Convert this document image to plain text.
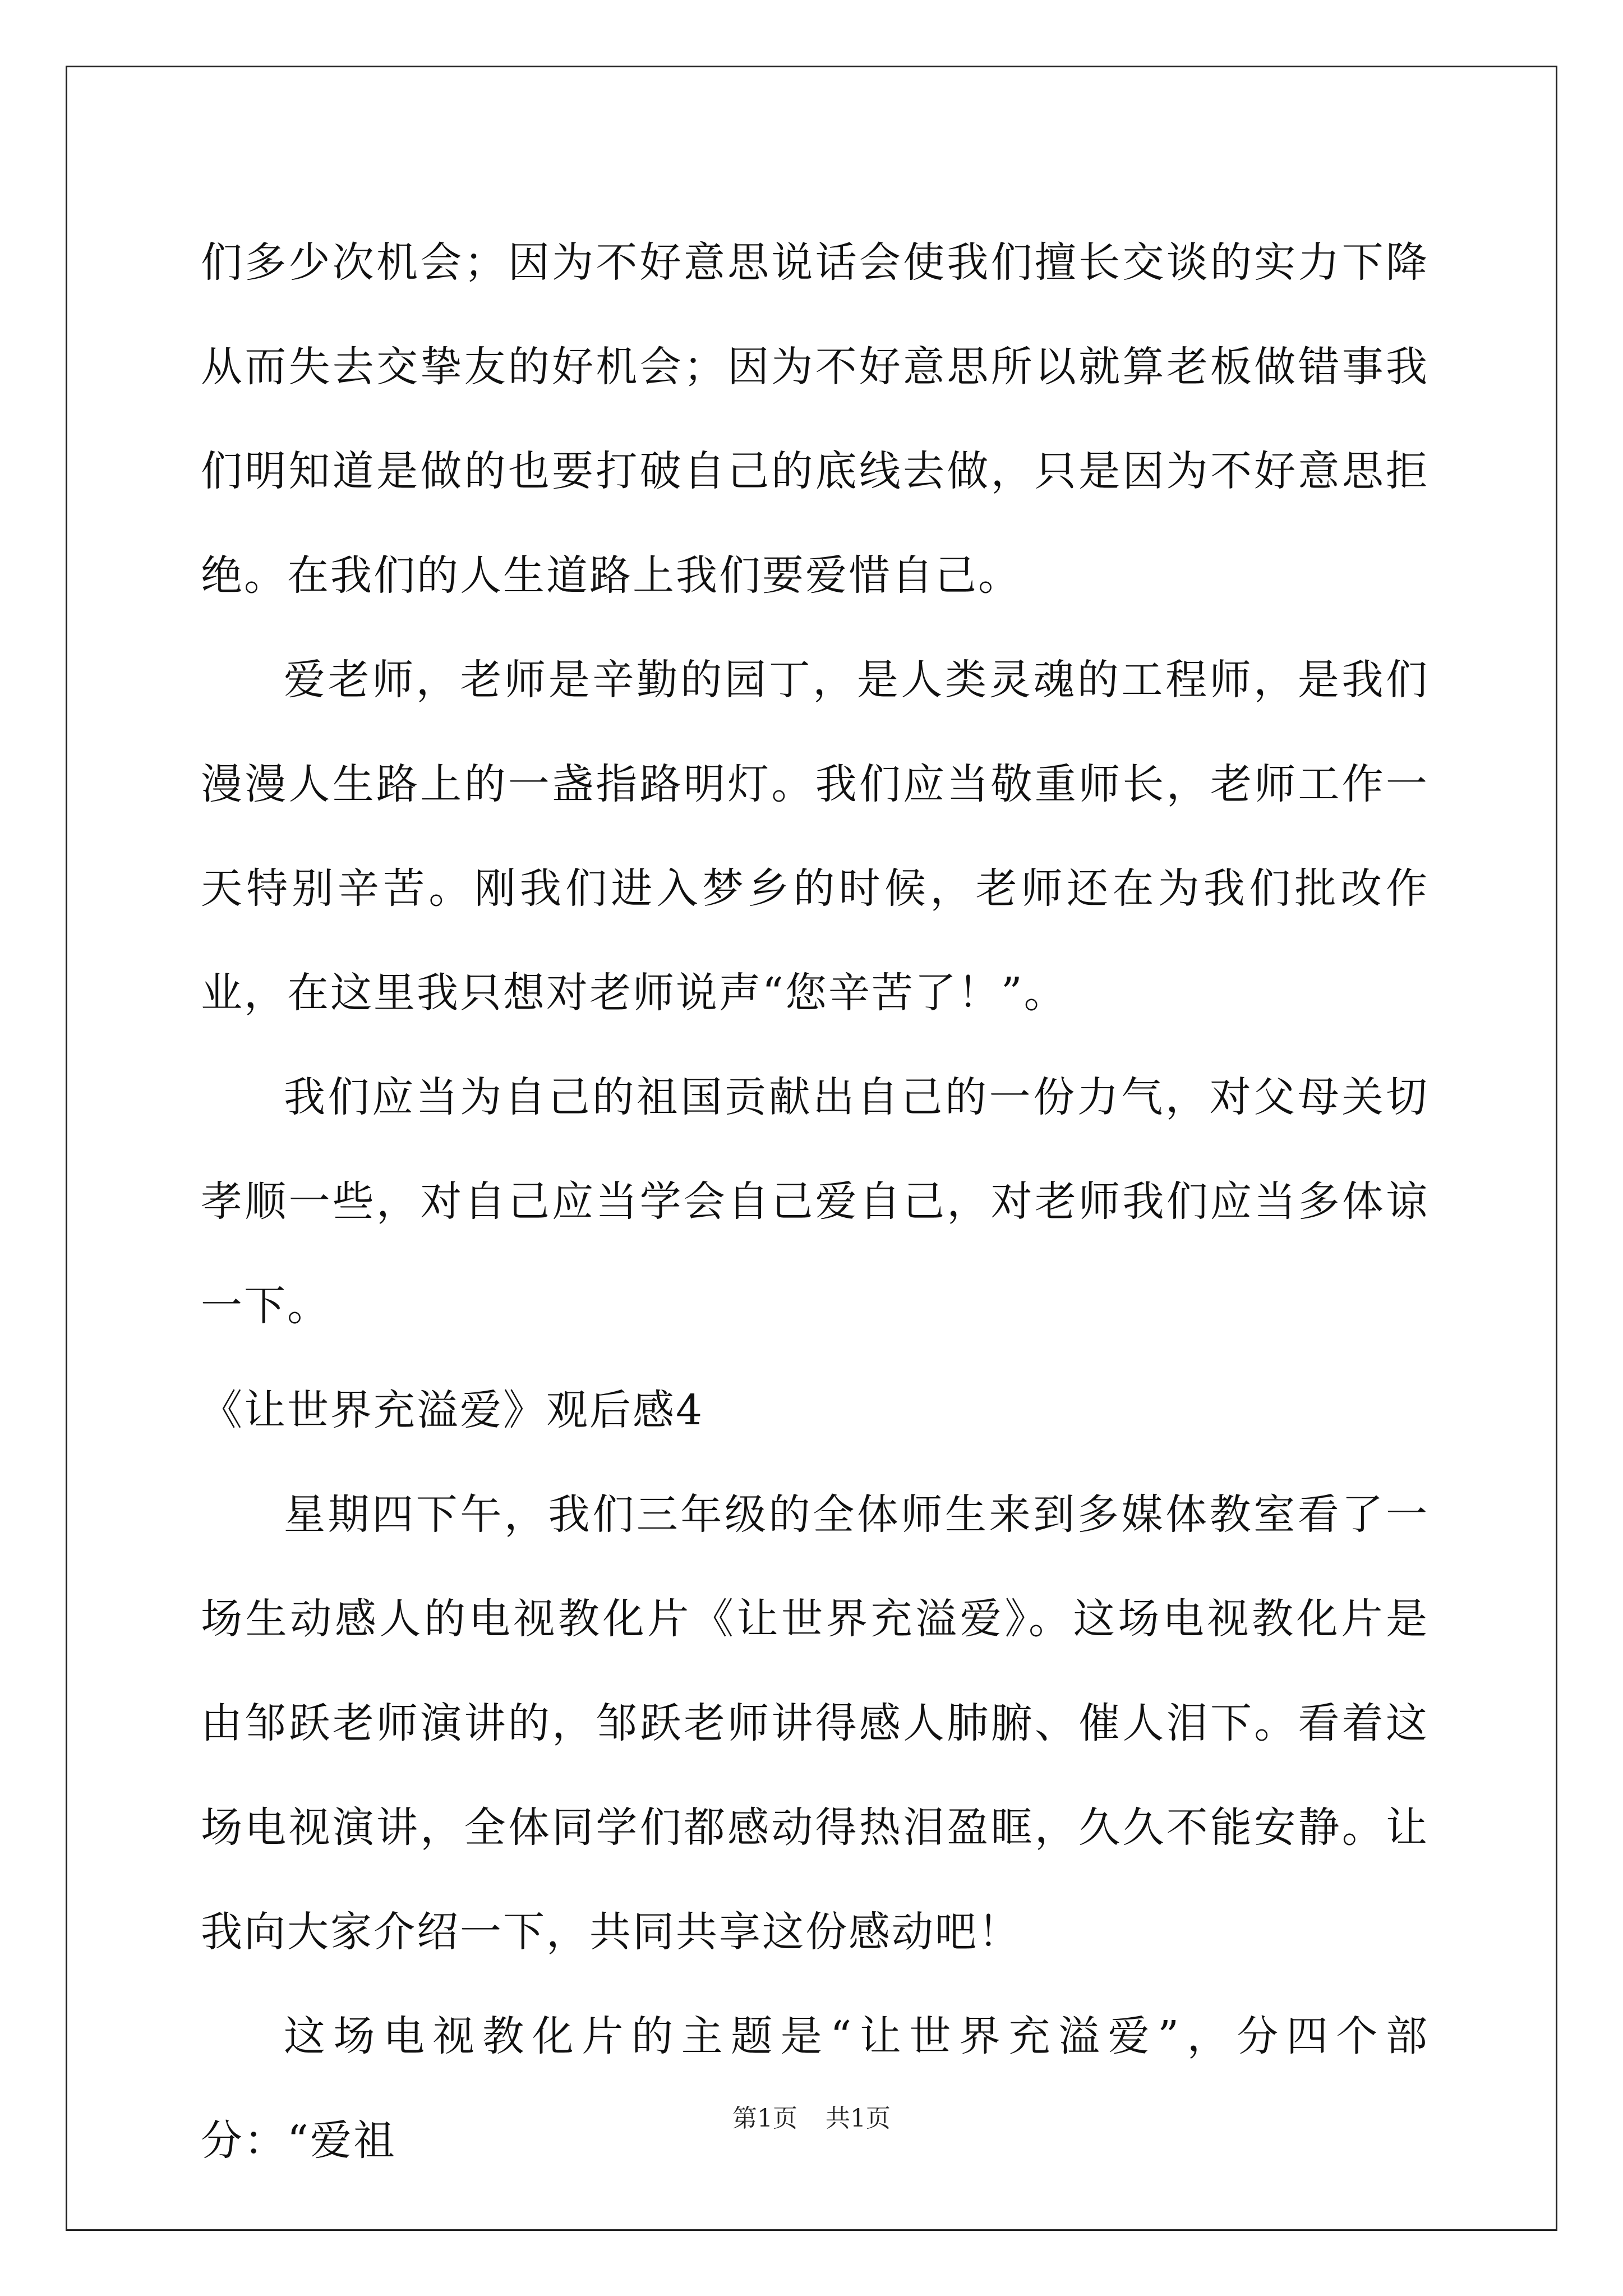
们多少次机会；因为不好意思说话会使我们擅长交谈的实力下降从而失去交挚友的好机会；因为不好意思所以就算老板做错事我们明知道是做的也要打破自己的底线去做，只是因为不好意思拒绝。在我们的人生道路上我们要爱惜自己。

爱老师，老师是辛勤的园丁，是人类灵魂的工程师，是我们漫漫人生路上的一盏指路明灯。我们应当敬重师长，老师工作一天特别辛苦。刚我们进入梦乡的时候，老师还在为我们批改作业，在这里我只想对老师说声“您辛苦了！”。

我们应当为自己的祖国贡献出自己的一份力气，对父母关切孝顺一些，对自己应当学会自己爱自己，对老师我们应当多体谅一下。

《让世界充溢爱》观后感4

星期四下午，我们三年级的全体师生来到多媒体教室看了一场生动感人的电视教化片《让世界充溢爱》。这场电视教化片是由邹跃老师演讲的，邹跃老师讲得感人肺腑、催人泪下。看着这场电视演讲，全体同学们都感动得热泪盈眶，久久不能安静。让我向大家介绍一下，共同共享这份感动吧！

这场电视教化片的主题是“让世界充溢爱”，分四个部分：“爱祖	第1页 共1页
